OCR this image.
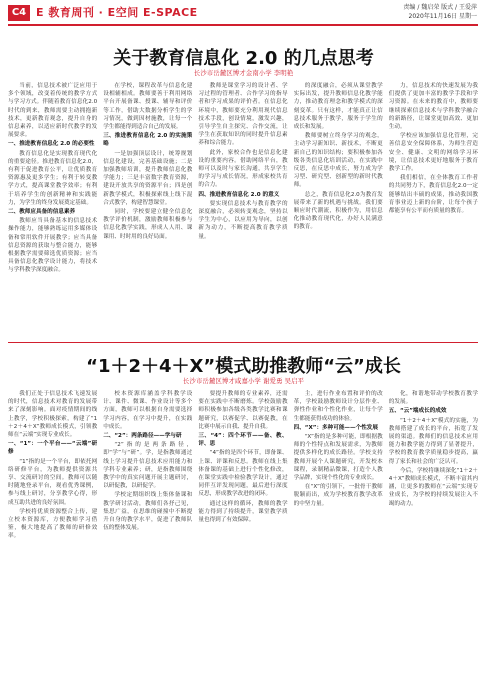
C4 E 教育周刊 · E空间 E-SPACE	责编 / 魏启荣 版式 / 王爱萍
2020年11月16日 星期一
关于教育信息化 2.0 的几点思考
长沙市岳麓区博才金南小学 李明艳

当前，信息技术被广泛应用于多个领域，改变着传统的教学方式与学习方式。伴随着教育信息化2.0时代的到来，教师需要主动拥抱新技术，更新教育观念，提升自身的信息素养，以适应新时代教学的发展要求。

一、推进教育信息化 2.0 的必要性

教育信息化是实现教育现代化的重要途径。推进教育信息化2.0，有利于促进教育公平，让优质教育资源惠及更多学生；有利于转变教学方式，提高课堂教学效率；有利于培养学生的创新精神和实践能力，为学生的终身发展奠定基础。

二、教师应具备的信息素养

教师应当具备基本的信息技术操作能力，能够熟练运用多媒体设备和常用软件开展教学；应当具备信息资源的获取与整合能力，能够根据教学需要筛选优质资源；应当具备信息化教学设计能力，将技术与学科教学深度融合。

在学校，课程改革与信息化建设相辅相成。教师要善于利用网络平台开展备课、授课、辅导和评价等工作，借助大数据分析学生的学习情况，做到因材施教，让每一个学生都能得到适合自己的发展。

三、推进教育信息化 2.0 的实施策略

一是加强顶层设计，统筹规划信息化建设，完善基础设施；二是加强教师培训，提升教师信息化教学能力；三是丰富数字教育资源，建设开放共享的资源平台；四是创新教学模式，积极探索线上线下混合式教学，构建智慧课堂。

同时，学校要建立健全信息化教学评价机制，激励教师积极参与信息化教学实践，形成人人用、课课用、时时用的良好局面。

教师是课堂学习的设计者、学习过程的管理者、合作学习的指导者和学习成果的评价者。在信息化环境中，教师要充分利用现代信息技术手段，创设情境，激发兴趣，引导学生自主探究、合作交流，让学生在获取知识的同时提升信息素养和综合能力。

此外，家校合作也是信息化建设的重要内容。借助网络平台，教师可以及时与家长沟通，共享学生的学习与成长情况，形成家校共育的合力。

四、推进教育信息化 2.0 的意义

要实现信息技术与教育教学的深度融合，必须转变观念，坚持以学生为中心，以应用为导向，以创新为动力，不断提高教育教学质量。

的深度融合，必须从课堂教学实际出发，提升教师信息化教学能力，推动教育理念和教学模式的深刻变革。只有这样，才能真正让信息技术服务于教学，服务于学生的成长和发展。

教师要树立终身学习的观念，主动学习新知识、新技术，不断更新自己的知识结构；要积极参加各级各类信息化培训活动，在实践中反思，在反思中成长，努力成为学习型、研究型、创新型的新时代教师。

总之，教育信息化2.0为教育发展带来了新的机遇与挑战。我们要顺应时代潮流，积极作为，用信息化推动教育现代化，办好人民满意的教育。

力，信息技术的快速发展为我们提供了更加丰富的教学手段和学习资源。在未来的教育中，教师要继续探索信息技术与学科教学融合的新路径，让课堂更加高效、更加生动。

学校应该加强信息化管理，完善信息安全保障体系，为师生营造安全、健康、文明的网络学习环境，让信息技术更好地服务于教育教学工作。

我们相信，在全体教育工作者的共同努力下，教育信息化2.0一定能够结出丰硕的成果，推动我国教育事业迈上新的台阶，让每个孩子都能享有公平而有质量的教育。

“1＋2＋4＋X”模式助推教师“云”成长
长沙市岳麓区博才咸嘉小学 谢爱勇 吴启平

我们正处于信息技术飞速发展的时代，信息技术对教育的发展带来了深刻影响。面对疫情期间的线上教学，学校积极探索，构建了“1＋2＋4＋X”教师成长模式，引领教师在“云端”实现专业成长。

一、“1”：一个平台——“云端”研修

“1”指的是一个平台，即依托网络研修平台，为教师提供资源共享、交流研讨的空间。教师可以随时随地登录平台，观看优秀课例，参与线上研讨，分享教学心得，形成互助共进的良好氛围。

学校将优质资源整合上传，建立校本资源库，方便教师学习借鉴，极大地提高了教师的研修效率。

校本资源库涵盖学科教学设计、课件、微课、作业设计等多个方面，教师可以根据自身需要选择学习内容，在学习中提升，在实践中成长。

二、“2”：两条路径——学与研

“2”指的是两条路径，即“学”与“研”。学，是指教师通过线上学习提升信息技术应用能力和学科专业素养；研，是指教师围绕教学中的真实问题开展主题研讨，以研促教，以研促学。

学校定期组织线上集体备课和教学研讨活动，教师们各抒己见，集思广益，在思维的碰撞中不断提升自身的教学水平，促进了教师队伍的整体发展。

要提升教师的专业素养，还需要在实践中不断磨炼。学校鼓励教师积极参加各级各类教学比赛和课题研究，以赛促学、以赛促教，在比赛中展示自我、提升自我。

三、“4”：四个环节——备、教、评、思

“4”指的是四个环节，即备课、上课、评课和反思。教师在线上集体备课的基础上进行个性化修改，在课堂实践中检验教学设计，通过同伴互评发现问题，最后进行深度反思，形成教学改进的闭环。

通过这样的循环，教师的教学能力得到了持续提升，课堂教学质量也得到了有效保障。

主，进行作业布置和评价的改革，学校鼓励教师设计分层作业、弹性作业和个性化作业，让每个学生都能获得成功的体验。

四、“X”：多种可能——个性发展

“X”指的是多种可能，即根据教师的个性特点和发展需求，为教师提供多样化的成长路径。学校支持教师开展个人课题研究，开发校本课程，录制精品微课，打造个人教学品牌，实现个性化的专业成长。

在“X”的引领下，一批骨干教师脱颖而出，成为学校教育教学改革的中坚力量。

化，和谐地带动学校教育教学的发展。

五、“云”端成长的成效

“1＋2＋4＋X”模式的实施，为教师搭建了成长的平台，拓宽了发展的渠道。教师们的信息技术应用能力和教学能力得到了显著提升，学校的教育教学质量稳步提高，赢得了家长和社会的广泛认可。

今后，学校将继续深化“1＋2＋4＋X”教师成长模式，不断丰富其内涵，让更多的教师在“云端”实现专业成长，为学校的持续发展注入不竭的动力。
